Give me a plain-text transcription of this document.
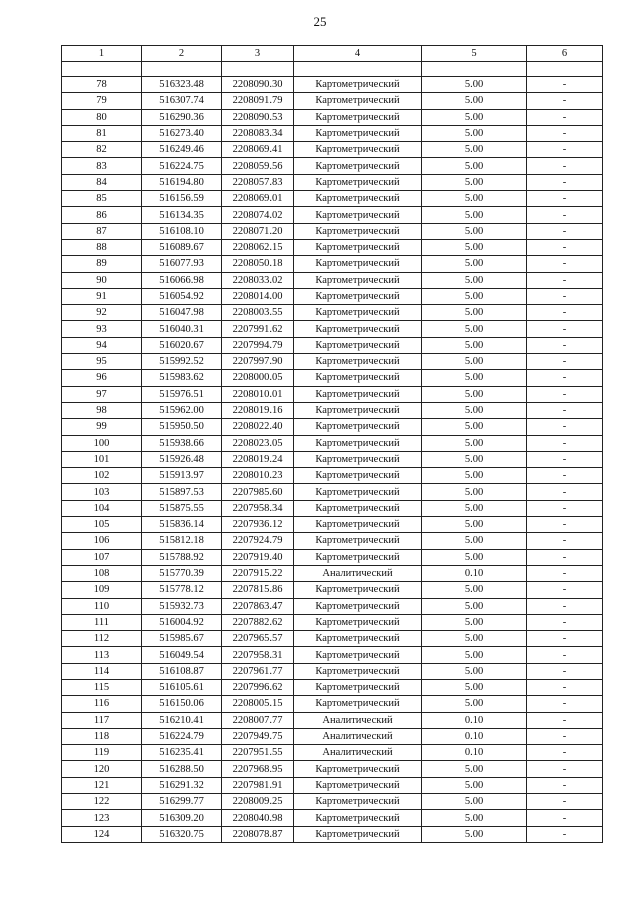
25
1	2	3	4	5	6

78	516323.48	2208090.30	Картометрический	5.00	-
79	516307.74	2208091.79	Картометрический	5.00	-
80	516290.36	2208090.53	Картометрический	5.00	-
81	516273.40	2208083.34	Картометрический	5.00	-
82	516249.46	2208069.41	Картометрический	5.00	-
83	516224.75	2208059.56	Картометрический	5.00	-
84	516194.80	2208057.83	Картометрический	5.00	-
85	516156.59	2208069.01	Картометрический	5.00	-
86	516134.35	2208074.02	Картометрический	5.00	-
87	516108.10	2208071.20	Картометрический	5.00	-
88	516089.67	2208062.15	Картометрический	5.00	-
89	516077.93	2208050.18	Картометрический	5.00	-
90	516066.98	2208033.02	Картометрический	5.00	-
91	516054.92	2208014.00	Картометрический	5.00	-
92	516047.98	2208003.55	Картометрический	5.00	-
93	516040.31	2207991.62	Картометрический	5.00	-
94	516020.67	2207994.79	Картометрический	5.00	-
95	515992.52	2207997.90	Картометрический	5.00	-
96	515983.62	2208000.05	Картометрический	5.00	-
97	515976.51	2208010.01	Картометрический	5.00	-
98	515962.00	2208019.16	Картометрический	5.00	-
99	515950.50	2208022.40	Картометрический	5.00	-
100	515938.66	2208023.05	Картометрический	5.00	-
101	515926.48	2208019.24	Картометрический	5.00	-
102	515913.97	2208010.23	Картометрический	5.00	-
103	515897.53	2207985.60	Картометрический	5.00	-
104	515875.55	2207958.34	Картометрический	5.00	-
105	515836.14	2207936.12	Картометрический	5.00	-
106	515812.18	2207924.79	Картометрический	5.00	-
107	515788.92	2207919.40	Картометрический	5.00	-
108	515770.39	2207915.22	Аналитический	0.10	-
109	515778.12	2207815.86	Картометрический	5.00	-
110	515932.73	2207863.47	Картометрический	5.00	-
111	516004.92	2207882.62	Картометрический	5.00	-
112	515985.67	2207965.57	Картометрический	5.00	-
113	516049.54	2207958.31	Картометрический	5.00	-
114	516108.87	2207961.77	Картометрический	5.00	-
115	516105.61	2207996.62	Картометрический	5.00	-
116	516150.06	2208005.15	Картометрический	5.00	-
117	516210.41	2208007.77	Аналитический	0.10	-
118	516224.79	2207949.75	Аналитический	0.10	-
119	516235.41	2207951.55	Аналитический	0.10	-
120	516288.50	2207968.95	Картометрический	5.00	-
121	516291.32	2207981.91	Картометрический	5.00	-
122	516299.77	2208009.25	Картометрический	5.00	-
123	516309.20	2208040.98	Картометрический	5.00	-
124	516320.75	2208078.87	Картометрический	5.00	-
